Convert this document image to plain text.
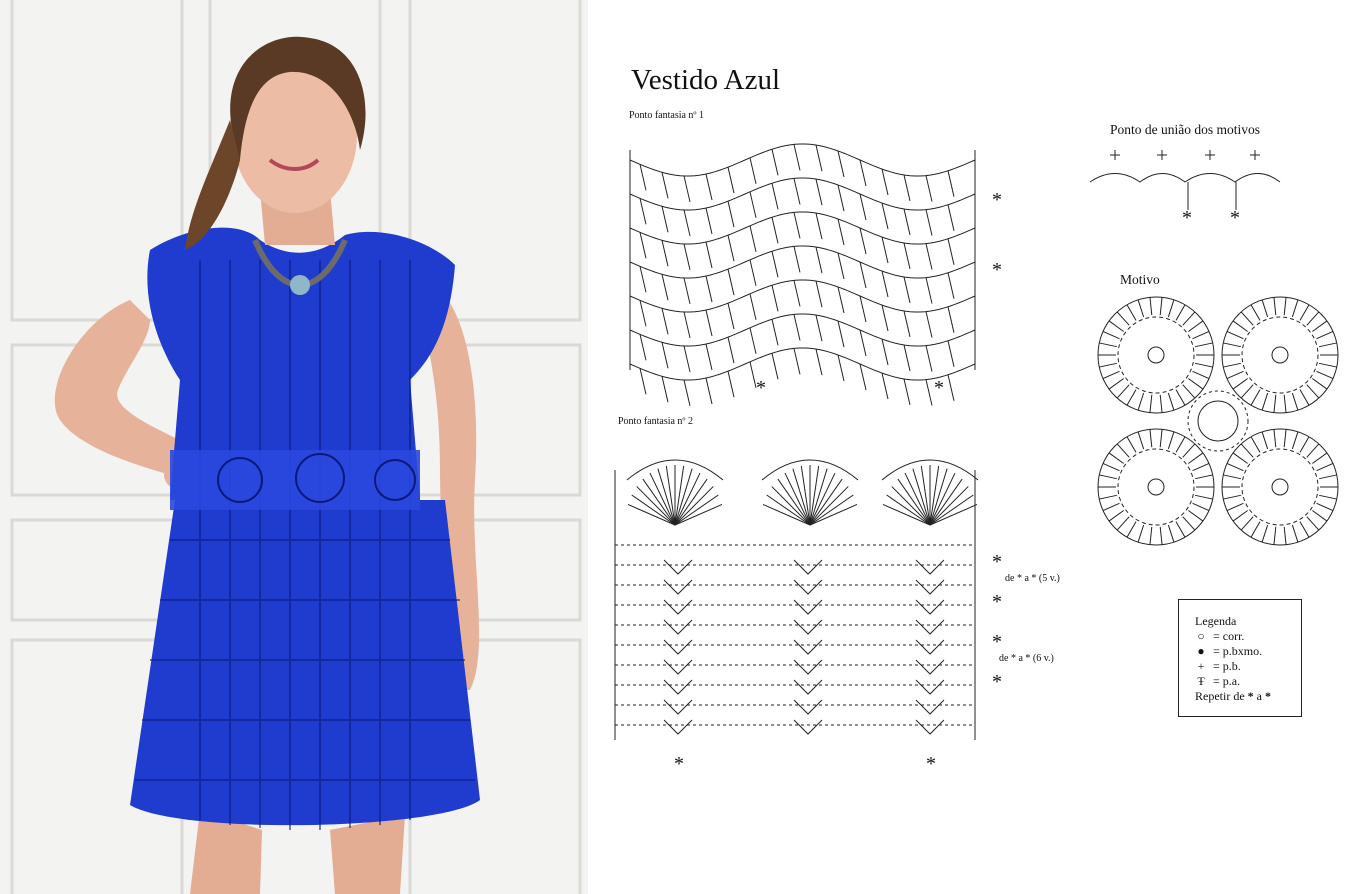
Vestido Azul
Ponto fantasia nº 1
Ponto fantasia nº 2
de * a * (5 v.)
de * a * (6 v.)
Ponto de união dos motivos
Motivo
*
*
*	*
* *
*
*
*
*
*	*
Legenda
○ = corr.
● = p.bxmo.
+ = p.b.
Ŧ = p.a.
Repetir de * a *
